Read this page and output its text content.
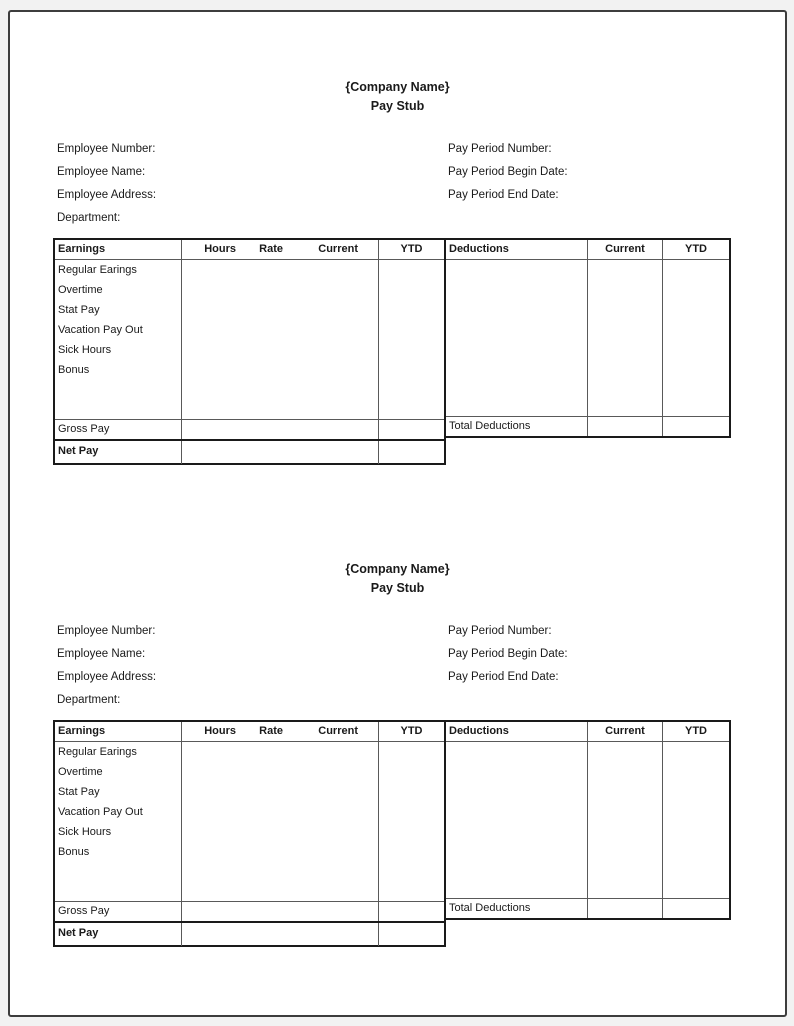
{Company Name}
Pay Stub
Employee Number:
Employee Name:
Employee Address:
Department:
Pay Period Number:
Pay Period Begin Date:
Pay Period End Date:
Earnings	Hours	Rate	Current	YTD
Regular Earings
Overtime
Stat Pay
Vacation Pay Out
Sick Hours
Bonus
Gross Pay
Net Pay
Deductions	Current	YTD
Total Deductions
{Company Name}
Pay Stub
Employee Number:
Employee Name:
Employee Address:
Department:
Pay Period Number:
Pay Period Begin Date:
Pay Period End Date:
Earnings	Hours	Rate	Current	YTD
Regular Earings
Overtime
Stat Pay
Vacation Pay Out
Sick Hours
Bonus
Gross Pay
Net Pay
Deductions	Current	YTD
Total Deductions
